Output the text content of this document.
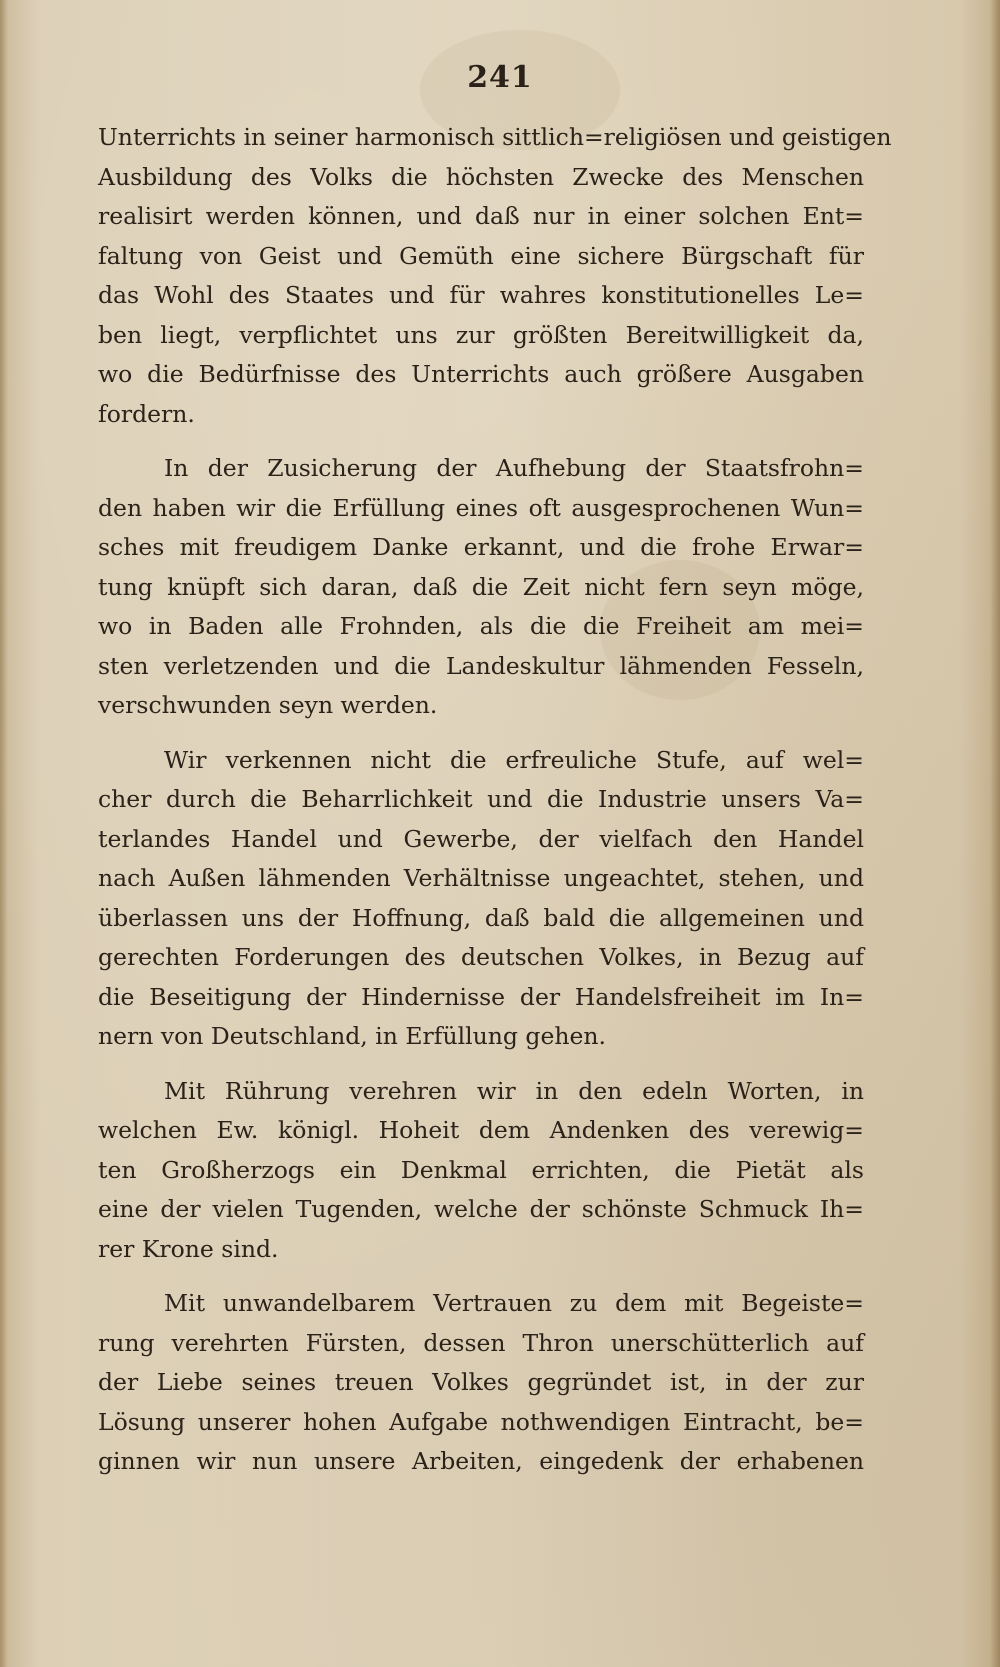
241
Unterrichts in seiner harmonisch sittlich=religiösen und geistigen
Ausbildung des Volks die höchsten Zwecke des Menschen
realisirt werden können, und daß nur in einer solchen Ent=
faltung von Geist und Gemüth eine sichere Bürgschaft für
das Wohl des Staates und für wahres konstitutionelles Le=
ben liegt, verpflichtet uns zur größten Bereitwilligkeit da,
wo die Bedürfnisse des Unterrichts auch größere Ausgaben
fordern.
In der Zusicherung der Aufhebung der Staatsfrohn=
den haben wir die Erfüllung eines oft ausgesprochenen Wun=
sches mit freudigem Danke erkannt, und die frohe Erwar=
tung knüpft sich daran, daß die Zeit nicht fern seyn möge,
wo in Baden alle Frohnden, als die die Freiheit am mei=
sten verletzenden und die Landeskultur lähmenden Fesseln,
verschwunden seyn werden.
Wir verkennen nicht die erfreuliche Stufe, auf wel=
cher durch die Beharrlichkeit und die Industrie unsers Va=
terlandes Handel und Gewerbe, der vielfach den Handel
nach Außen lähmenden Verhältnisse ungeachtet, stehen, und
überlassen uns der Hoffnung, daß bald die allgemeinen und
gerechten Forderungen des deutschen Volkes, in Bezug auf
die Beseitigung der Hindernisse der Handelsfreiheit im In=
nern von Deutschland, in Erfüllung gehen.
Mit Rührung verehren wir in den edeln Worten, in
welchen Ew. königl. Hoheit dem Andenken des verewig=
ten Großherzogs ein Denkmal errichten, die Pietät als
eine der vielen Tugenden, welche der schönste Schmuck Ih=
rer Krone sind.
Mit unwandelbarem Vertrauen zu dem mit Begeiste=
rung verehrten Fürsten, dessen Thron unerschütterlich auf
der Liebe seines treuen Volkes gegründet ist, in der zur
Lösung unserer hohen Aufgabe nothwendigen Eintracht, be=
ginnen wir nun unsere Arbeiten, eingedenk der erhabenen
